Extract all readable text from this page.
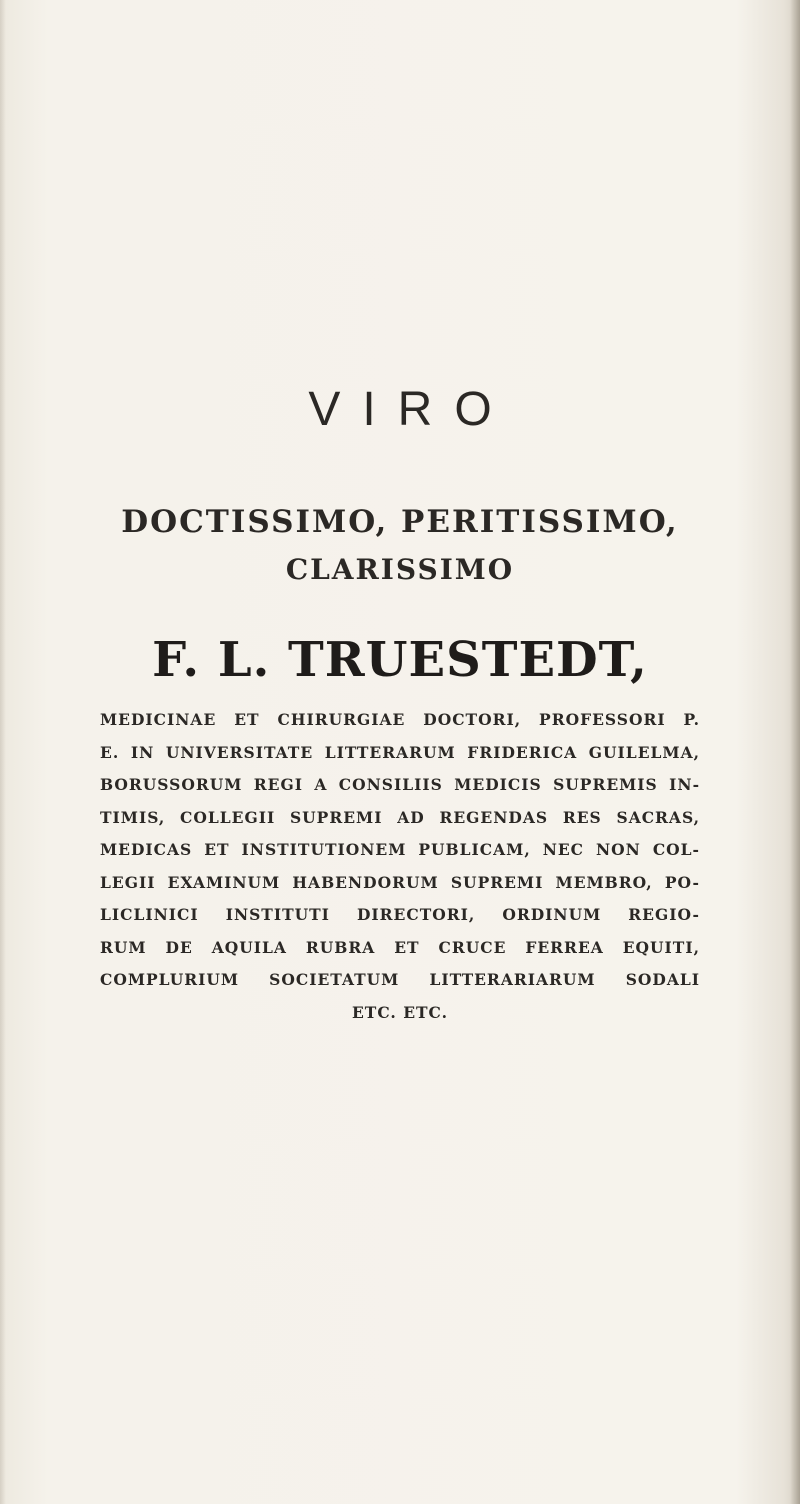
VIRO
DOCTISSIMO, PERITISSIMO,
CLARISSIMO
F. L. TRUESTEDT,
MEDICINAE ET CHIRURGIAE DOCTORI, PROFESSORI P.
E. IN UNIVERSITATE LITTERARUM FRIDERICA GUILELMA,
BORUSSORUM REGI A CONSILIIS MEDICIS SUPREMIS IN-
TIMIS, COLLEGII SUPREMI AD REGENDAS RES SACRAS,
MEDICAS ET INSTITUTIONEM PUBLICAM, NEC NON COL-
LEGII EXAMINUM HABENDORUM SUPREMI MEMBRO, PO-
LICLINICI INSTITUTI DIRECTORI, ORDINUM REGIO-
RUM DE AQUILA RUBRA ET CRUCE FERREA EQUITI,
COMPLURIUM SOCIETATUM LITTERARIARUM SODALI
ETC. ETC.
